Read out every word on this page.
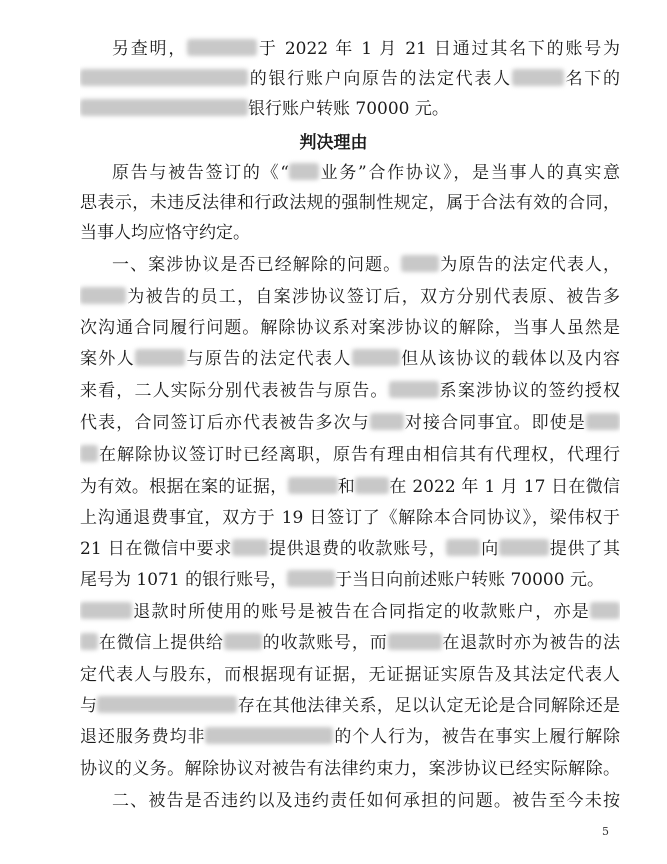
另查明，	于 2022 年 1 月 21 日通过其名下的账号为
的银行账户向原告的法定代表人	名下的
银行账户转账 70000 元。
判决理由
原告与被告签订的《“ 业务”合作协议》，是当事人的真实意
思表示，未违反法律和行政法规的强制性规定，属于合法有效的合同，
当事人均应恪守约定。
一、案涉协议是否已经解除的问题。 为原告的法定代表人，
为被告的员工，自案涉协议签订后，双方分别代表原、被告多
次沟通合同履行问题。解除协议系对案涉协议的解除，当事人虽然是
案外人	与原告的法定代表人	但从该协议的载体以及内容
来看，二人实际分别代表被告与原告。	系案涉协议的签约授权
代表，合同签订后亦代表被告多次与 对接合同事宜。即使是
在解除协议签订时已经离职，原告有理由相信其有代理权，代理行
为有效。根据在案的证据，	和 在 2022 年 1 月 17 日在微信
上沟通退费事宜，双方于 19 日签订了《解除本合同协议》，梁伟权于
21 日在微信中要求 提供退费的收款账号， 向	提供了其
尾号为 1071 的银行账号，	于当日向前述账户转账 70000 元。
退款时所使用的账号是被告在合同指定的收款账户，亦是
在微信上提供给 的收款账号，而	在退款时亦为被告的法
定代表人与股东，而根据现有证据，无证据证实原告及其法定代表人
与	存在其他法律关系，足以认定无论是合同解除还是
退还服务费均非	的个人行为，被告在事实上履行解除
协议的义务。解除协议对被告有法律约束力，案涉协议已经实际解除。
二、被告是否违约以及违约责任如何承担的问题。被告至今未按
5
